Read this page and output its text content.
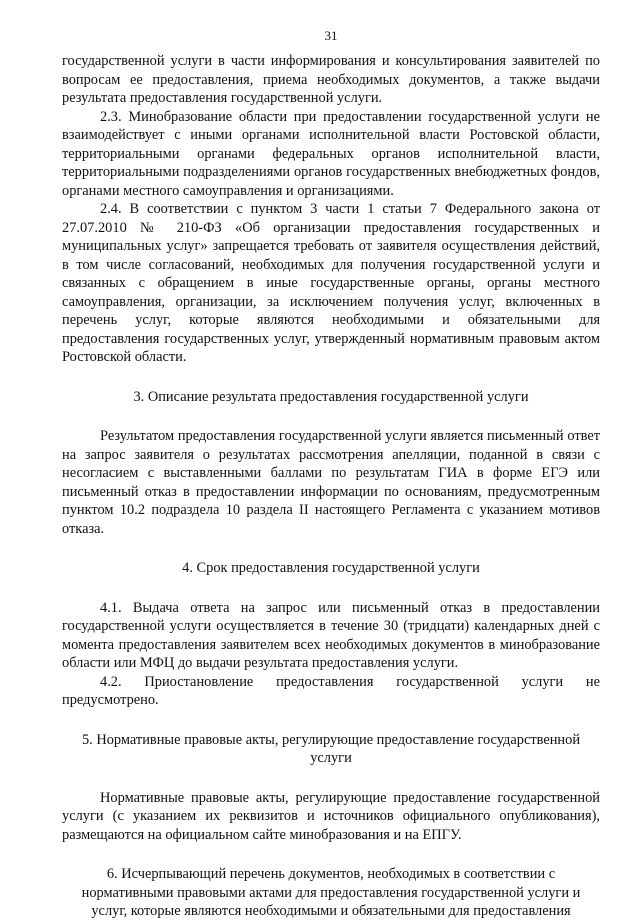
31

государственной услуги в части информирования и консультирования заявителей по вопросам ее предоставления, приема необходимых документов, а также выдачи результата предоставления государственной услуги.

2.3. Минобразование области при предоставлении государственной услуги не взаимодействует с иными органами исполнительной власти Ростовской области, территориальными органами федеральных органов исполнительной власти, территориальными подразделениями органов государственных внебюджетных фондов, органами местного самоуправления и организациями.

2.4. В соответствии с пунктом 3 части 1 статьи 7 Федерального закона от 27.07.2010 № 210-ФЗ «Об организации предоставления государственных и муниципальных услуг» запрещается требовать от заявителя осуществления действий, в том числе согласований, необходимых для получения государственной услуги и связанных с обращением в иные государственные органы, органы местного самоуправления, организации, за исключением получения услуг, включенных в перечень услуг, которые являются необходимыми и обязательными для предоставления государственных услуг, утвержденный нормативным правовым актом Ростовской области.

3. Описание результата предоставления государственной услуги

Результатом предоставления государственной услуги является письменный ответ на запрос заявителя о результатах рассмотрения апелляции, поданной в связи с несогласием с выставленными баллами по результатам ГИА в форме ЕГЭ или письменный отказ в предоставлении информации по основаниям, предусмотренным пунктом 10.2 подраздела 10 раздела II настоящего Регламента с указанием мотивов отказа.

4. Срок предоставления государственной услуги

4.1. Выдача ответа на запрос или письменный отказ в предоставлении государственной услуги осуществляется в течение 30 (тридцати) календарных дней с момента предоставления заявителем всех необходимых документов в минобразование области или МФЦ до выдачи результата предоставления услуги.

4.2. Приостановление предоставления государственной услуги не предусмотрено.

5. Нормативные правовые акты, регулирующие предоставление государственной услуги

Нормативные правовые акты, регулирующие предоставление государственной услуги (с указанием их реквизитов и источников официального опубликования), размещаются на официальном сайте минобразования и на ЕПГУ.

6. Исчерпывающий перечень документов, необходимых в соответствии с нормативными правовыми актами для предоставления государственной услуги и услуг, которые являются необходимыми и обязательными для предоставления
